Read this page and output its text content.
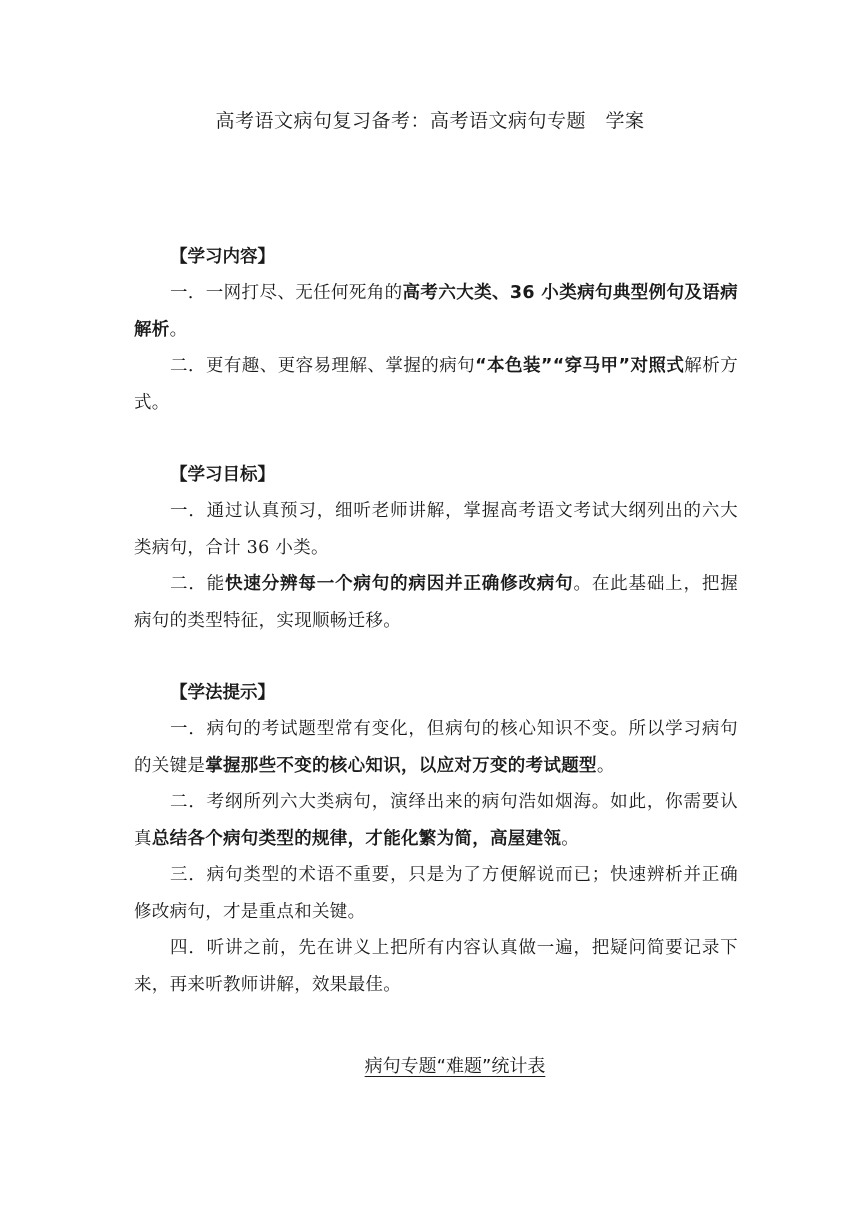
高考语文病句复习备考：高考语文病句专题　学案

【学习内容】

一．一网打尽、无任何死角的高考六大类、36 小类病句典型例句及语病解析。

二．更有趣、更容易理解、掌握的病句“本色装”“穿马甲”对照式解析方式。

【学习目标】

一．通过认真预习，细听老师讲解，掌握高考语文考试大纲列出的六大类病句，合计 36 小类。

二．能快速分辨每一个病句的病因并正确修改病句。在此基础上，把握病句的类型特征，实现顺畅迁移。

【学法提示】

一．病句的考试题型常有变化，但病句的核心知识不变。所以学习病句的关键是掌握那些不变的核心知识，以应对万变的考试题型。

二．考纲所列六大类病句，演绎出来的病句浩如烟海。如此，你需要认真总结各个病句类型的规律，才能化繁为简，高屋建瓴。

三．病句类型的术语不重要，只是为了方便解说而已；快速辨析并正确修改病句，才是重点和关键。

四．听讲之前，先在讲义上把所有内容认真做一遍，把疑问简要记录下来，再来听教师讲解，效果最佳。

病句专题“难题”统计表
